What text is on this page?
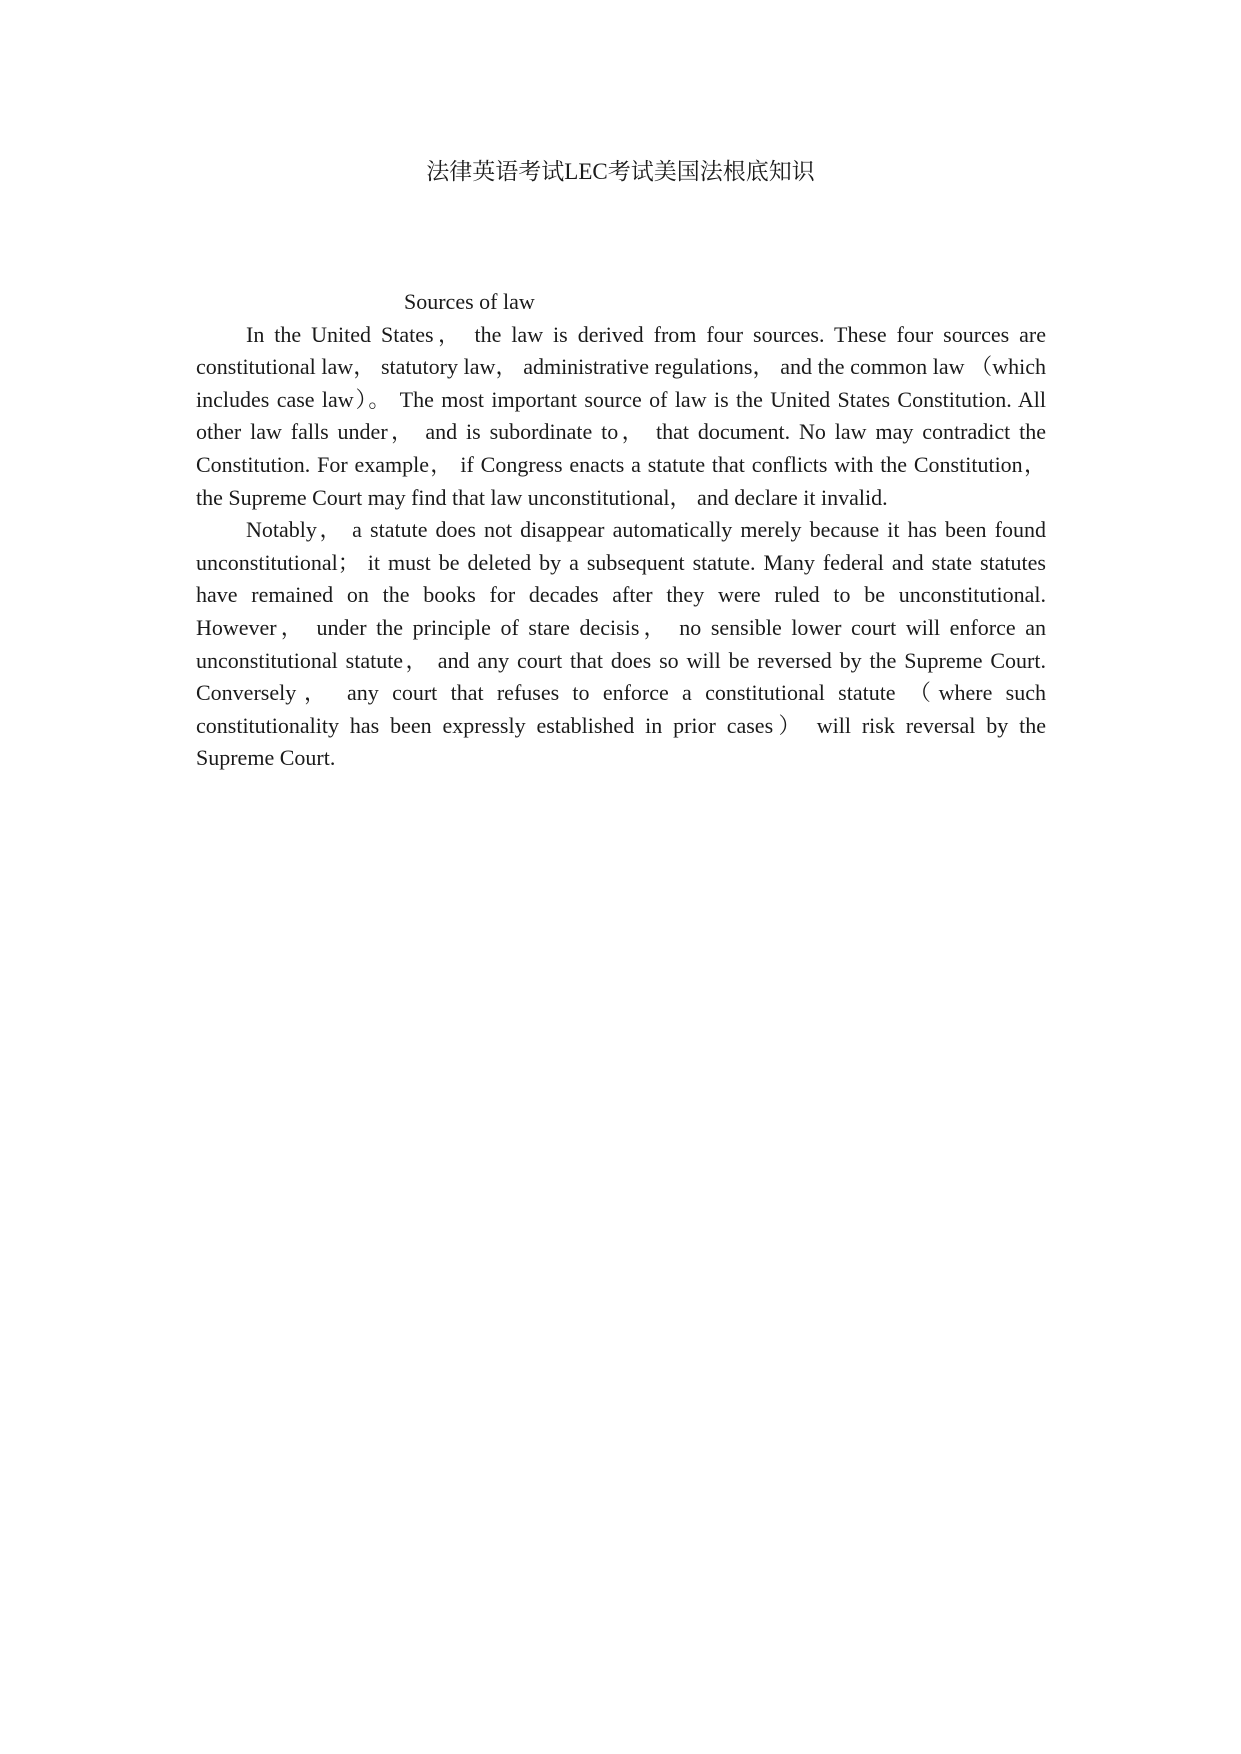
法律英语考试LEC考试美国法根底知识
Sources of law

In the United States， the law is derived from four sources. These four sources are constitutional law， statutory law， administrative regulations， and the common law （which includes case law）。 The most important source of law is the United States Constitution. All other law falls under， and is subordinate to， that document. No law may contradict the Constitution. For example， if Congress enacts a statute that conflicts with the Constitution， the Supreme Court may find that law unconstitutional， and declare it invalid.

Notably， a statute does not disappear automatically merely because it has been found unconstitutional； it must be deleted by a subsequent statute. Many federal and state statutes have remained on the books for decades after they were ruled to be unconstitutional. However， under the principle of stare decisis， no sensible lower court will enforce an unconstitutional statute， and any court that does so will be reversed by the Supreme Court. Conversely， any court that refuses to enforce a constitutional statute （where such constitutionality has been expressly established in prior cases） will risk reversal by the Supreme Court.
